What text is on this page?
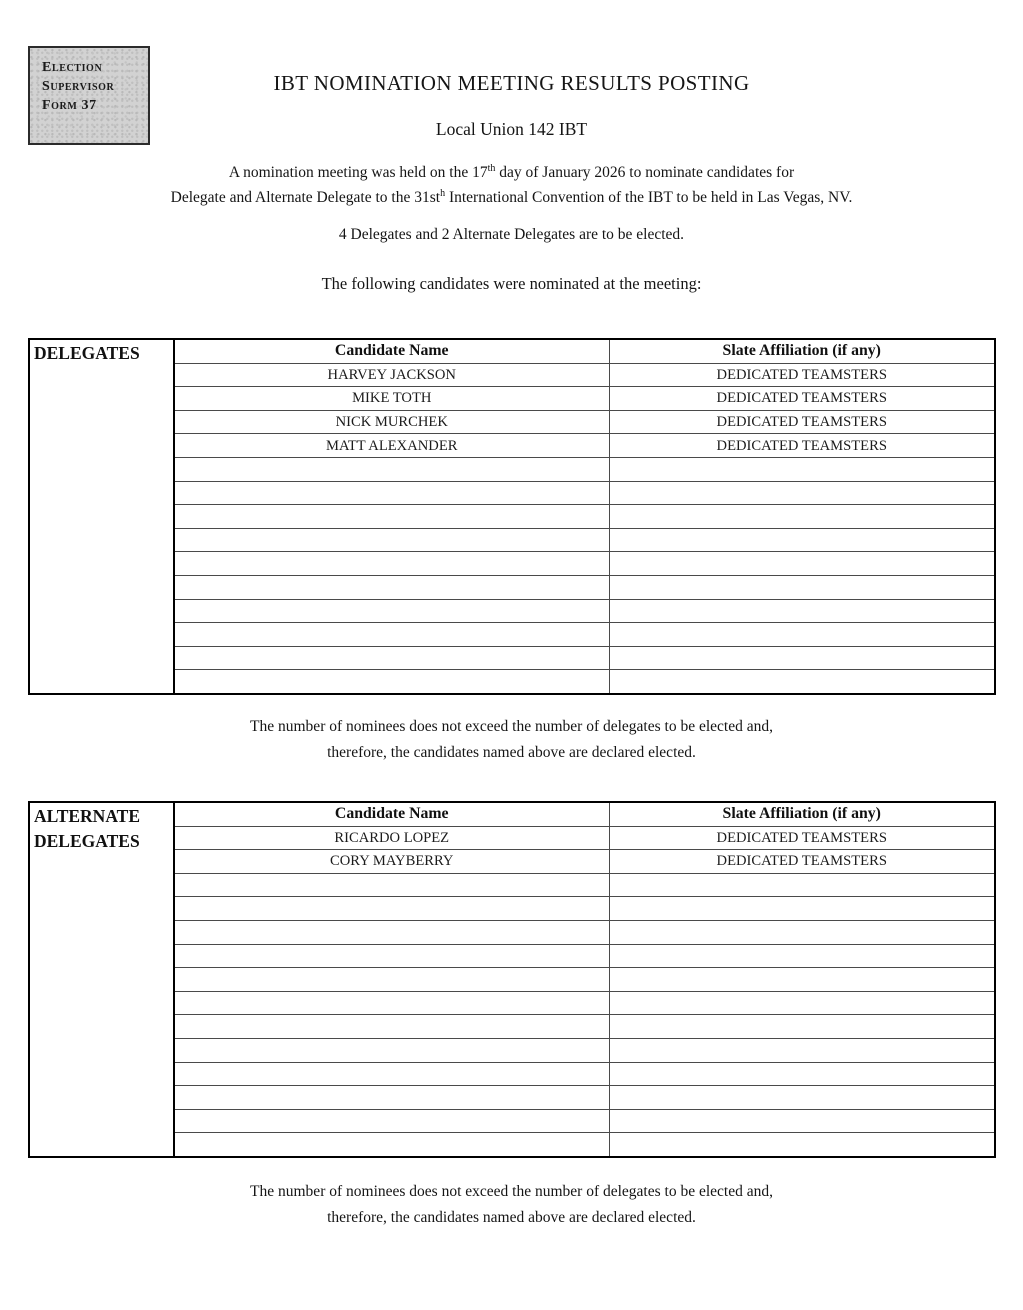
Election
Supervisor
Form 37
IBT NOMINATION MEETING RESULTS POSTING
Local Union 142 IBT
A nomination meeting was held on the 17th day of January 2026 to nominate candidates for
Delegate and Alternate Delegate to the $31st^h$ International Convention of the IBT to be held in Las Vegas, NV.
4 Delegates and 2 Alternate Delegates are to be elected.
The following candidates were nominated at the meeting:
DELEGATES	Candidate Name	Slate Affiliation (if any)
	HARVEY JACKSON	DEDICATED TEAMSTERS
	MIKE TOTH	DEDICATED TEAMSTERS
	NICK MURCHEK	DEDICATED TEAMSTERS
	MATT ALEXANDER	DEDICATED TEAMSTERS

The number of nominees does not exceed the number of delegates to be elected and,
therefore, the candidates named above are declared elected.
ALTERNATE
DELEGATES	Candidate Name	Slate Affiliation (if any)
	RICARDO LOPEZ	DEDICATED TEAMSTERS
	CORY MAYBERRY	DEDICATED TEAMSTERS

The number of nominees does not exceed the number of delegates to be elected and,
therefore, the candidates named above are declared elected.
